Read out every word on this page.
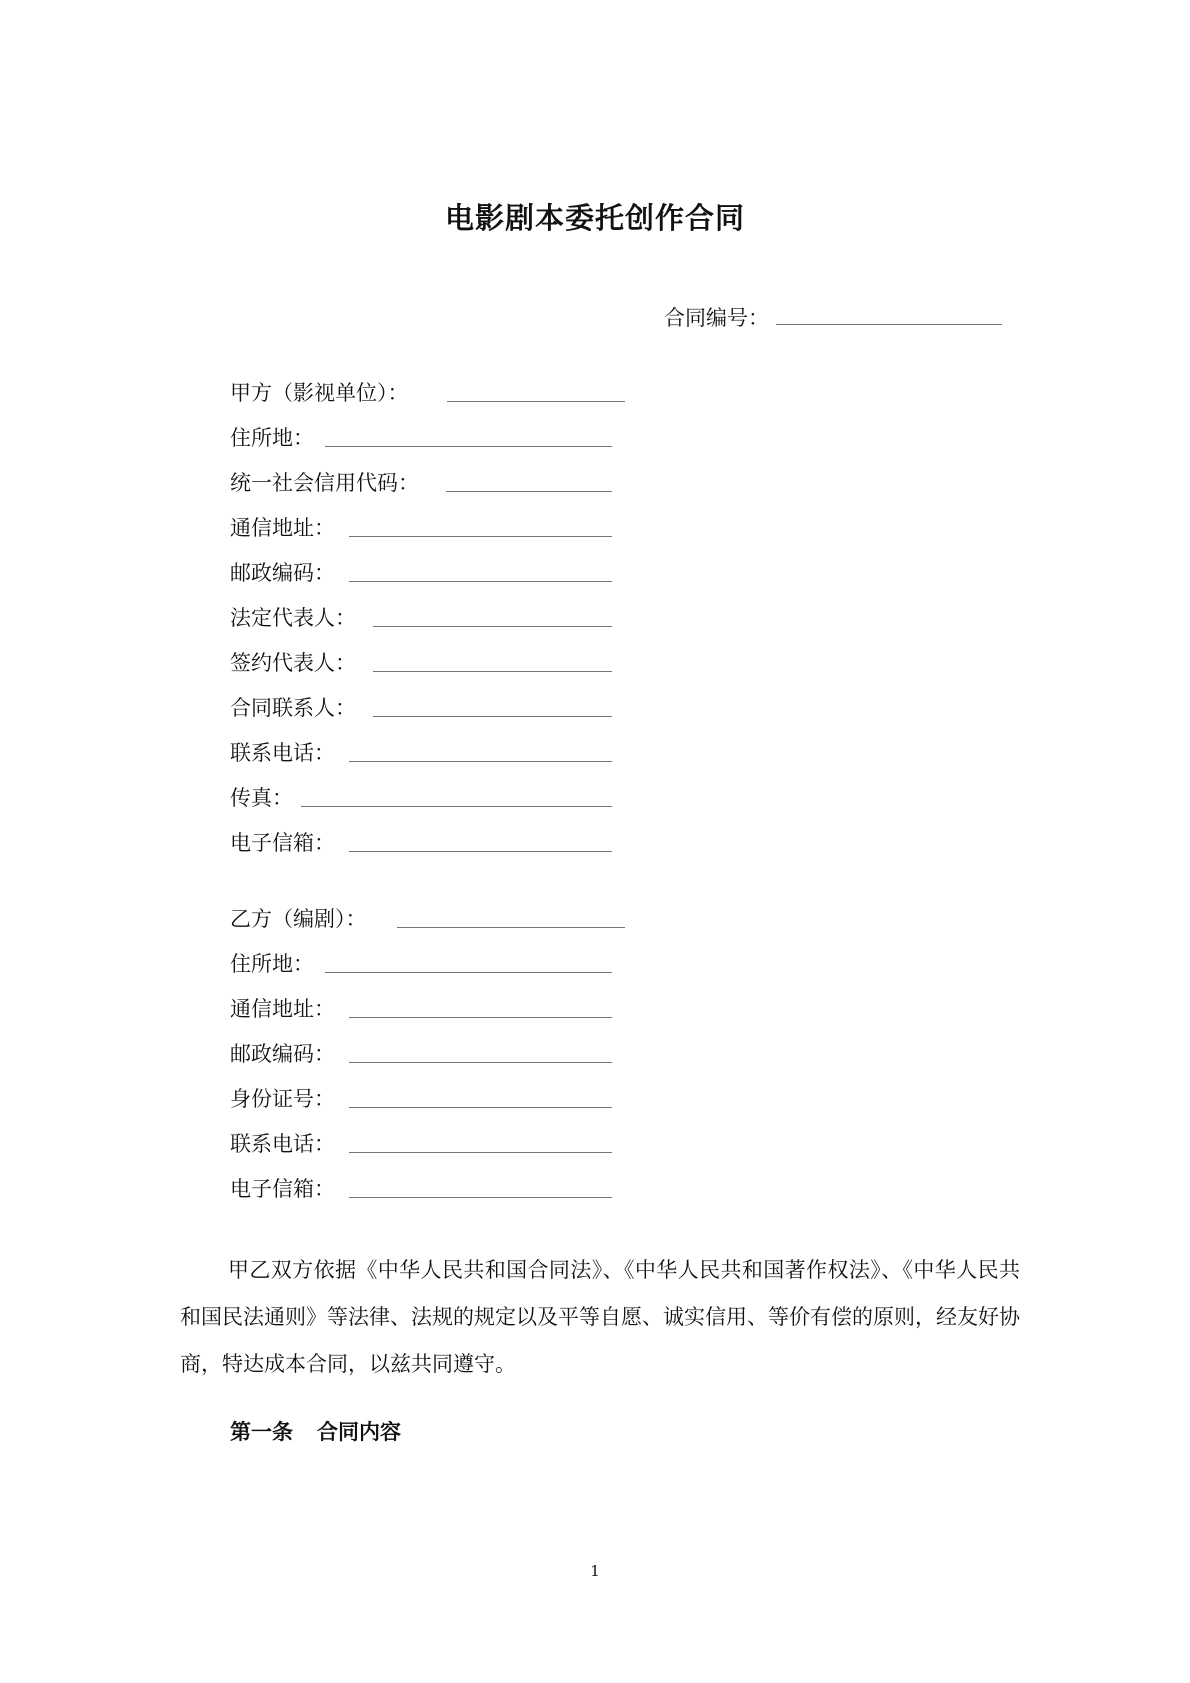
电影剧本委托创作合同
合同编号：
甲方（影视单位）：
住所地：
统一社会信用代码：
通信地址：
邮政编码：
法定代表人：
签约代表人：
合同联系人：
联系电话：
传真：
电子信箱：
乙方（编剧）：
住所地：
通信地址：
邮政编码：
身份证号：
联系电话：
电子信箱：
甲乙双方依据《中华人民共和国合同法》、《中华人民共和国著作权法》、《中华人民共和国民法通则》等法律、法规的规定以及平等自愿、诚实信用、等价有偿的原则，经友好协商，特达成本合同，以兹共同遵守。
第一条 合同内容
1
